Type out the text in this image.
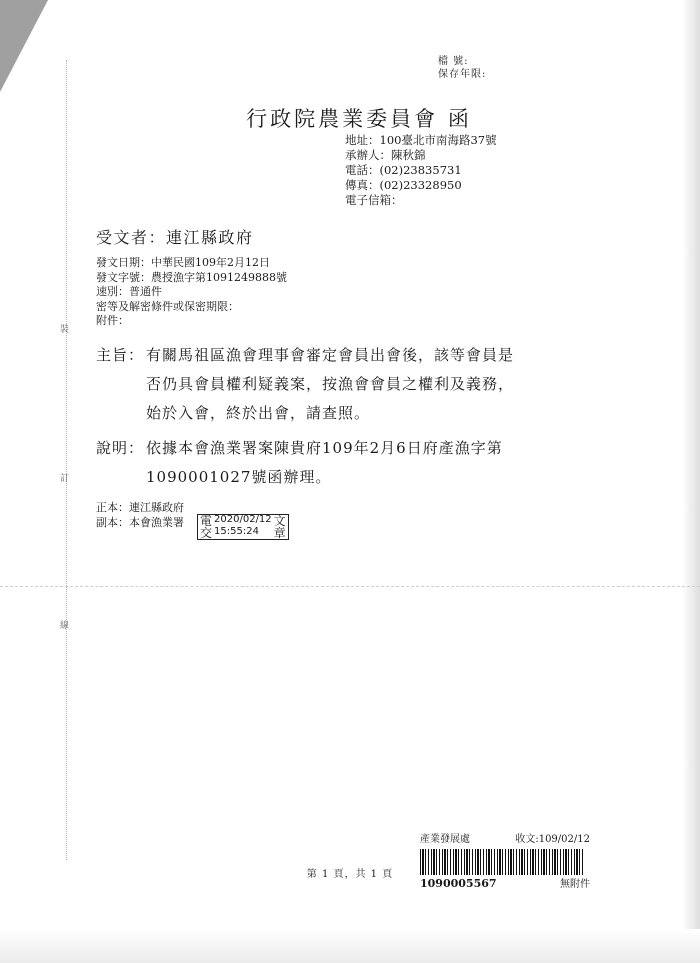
裝
訂
線
檔 號:
保存年限:
行政院農業委員會 函
地址：100臺北市南海路37號
承辦人：陳秋錦
電話：(02)23835731
傳真：(02)23328950
電子信箱：
受文者：連江縣政府
發文日期：中華民國109年2月12日
發文字號：農授漁字第1091249888號
速別：普通件
密等及解密條件或保密期限：
附件：
主旨： 有關馬祖區漁會理事會審定會員出會後，該等會員是否仍具會員權利疑義案，按漁會會員之權利及義務，始於入會，終於出會，請查照。
說明： 依據本會漁業署案陳貴府109年2月6日府產漁字第1090001027號函辦理。
正本：連江縣政府
副本：本會漁業署 電 2020/02/12 文
交 15:55:24	章
第 1 頁，共 1 頁
產業發展處	收文:109/02/12
1090005567	無附件
